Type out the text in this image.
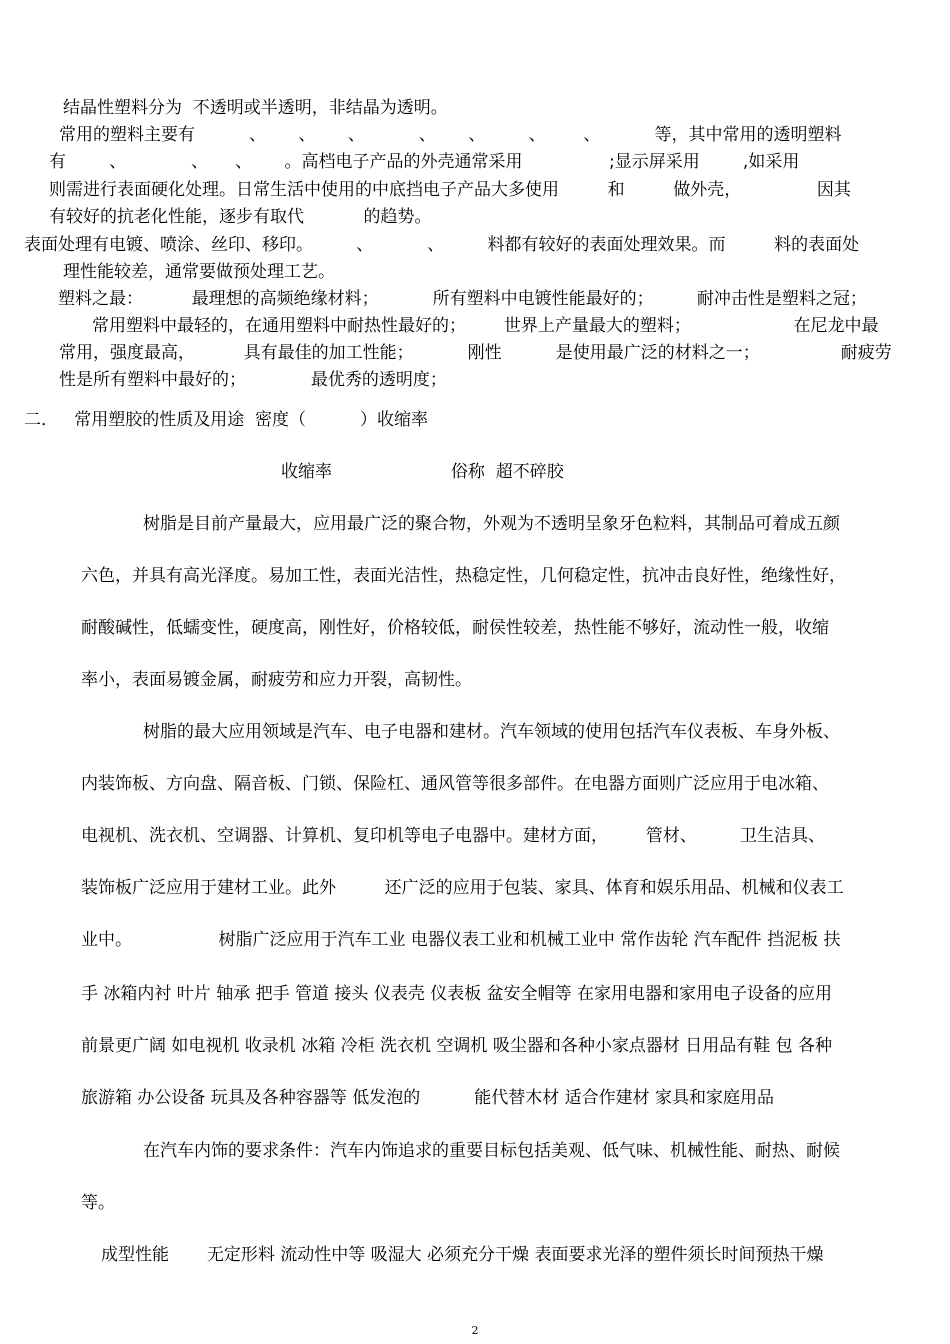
结晶性塑料分为  不透明或半透明，非结晶为透明。
常用的塑料主要有          、      、      、          、      、        、       、          等，其中常用的透明塑料
有        、            、     、      。高档电子产品的外壳通常采用                ;显示屏采用        ,如采用
则需进行表面硬化处理。日常生活中使用的中底挡电子产品大多使用         和         做外壳，              因其
有较好的抗老化性能，逐步有取代           的趋势。
表面处理有电镀、喷涂、丝印、移印。        、          、        料都有较好的表面处理效果。而         料的表面处
理性能较差，通常要做预处理工艺。
塑料之最：         最理想的高频绝缘材料；          所有塑料中电镀性能最好的；        耐冲击性是塑料之冠；
常用塑料中最轻的，在通用塑料中耐热性最好的；       世界上产量最大的塑料；                   在尼龙中最
常用，强度最高，         具有最佳的加工性能；          刚性          是使用最广泛的材料之一；               耐疲劳
性是所有塑料中最好的；            最优秀的透明度；
二．   常用塑胶的性质及用途  密度（          ）收缩率
收缩率                      俗称  超不碎胶
树脂是目前产量最大，应用最广泛的聚合物，外观为不透明呈象牙色粒料，其制品可着成五颜
六色，并具有高光泽度。易加工性，表面光洁性，热稳定性，几何稳定性，抗冲击良好性，绝缘性好，
耐酸碱性，低蠕变性，硬度高，刚性好，价格较低，耐侯性较差，热性能不够好，流动性一般，收缩
率小，表面易镀金属，耐疲劳和应力开裂，高韧性。
树脂的最大应用领域是汽车、电子电器和建材。汽车领域的使用包括汽车仪表板、车身外板、
内装饰板、方向盘、隔音板、门锁、保险杠、通风管等很多部件。在电器方面则广泛应用于电冰箱、
电视机、洗衣机、空调器、计算机、复印机等电子电器中。建材方面，       管材、        卫生洁具、
装饰板广泛应用于建材工业。此外         还广泛的应用于包装、家具、体育和娱乐用品、机械和仪表工
业中。                树脂广泛应用于汽车工业 电器仪表工业和机械工业中 常作齿轮 汽车配件 挡泥板 扶
手 冰箱内衬 叶片 轴承 把手 管道 接头 仪表壳 仪表板 盆安全帽等 在家用电器和家用电子设备的应用
前景更广阔 如电视机 收录机 冰箱 冷柜 洗衣机 空调机 吸尘器和各种小家点器材 日用品有鞋 包 各种
旅游箱 办公设备 玩具及各种容器等 低发泡的          能代替木材 适合作建材 家具和家庭用品
在汽车内饰的要求条件：汽车内饰追求的重要目标包括美观、低气味、机械性能、耐热、耐候
等。
成型性能       无定形料 流动性中等 吸湿大 必须充分干燥 表面要求光泽的塑件须长时间预热干燥
2
